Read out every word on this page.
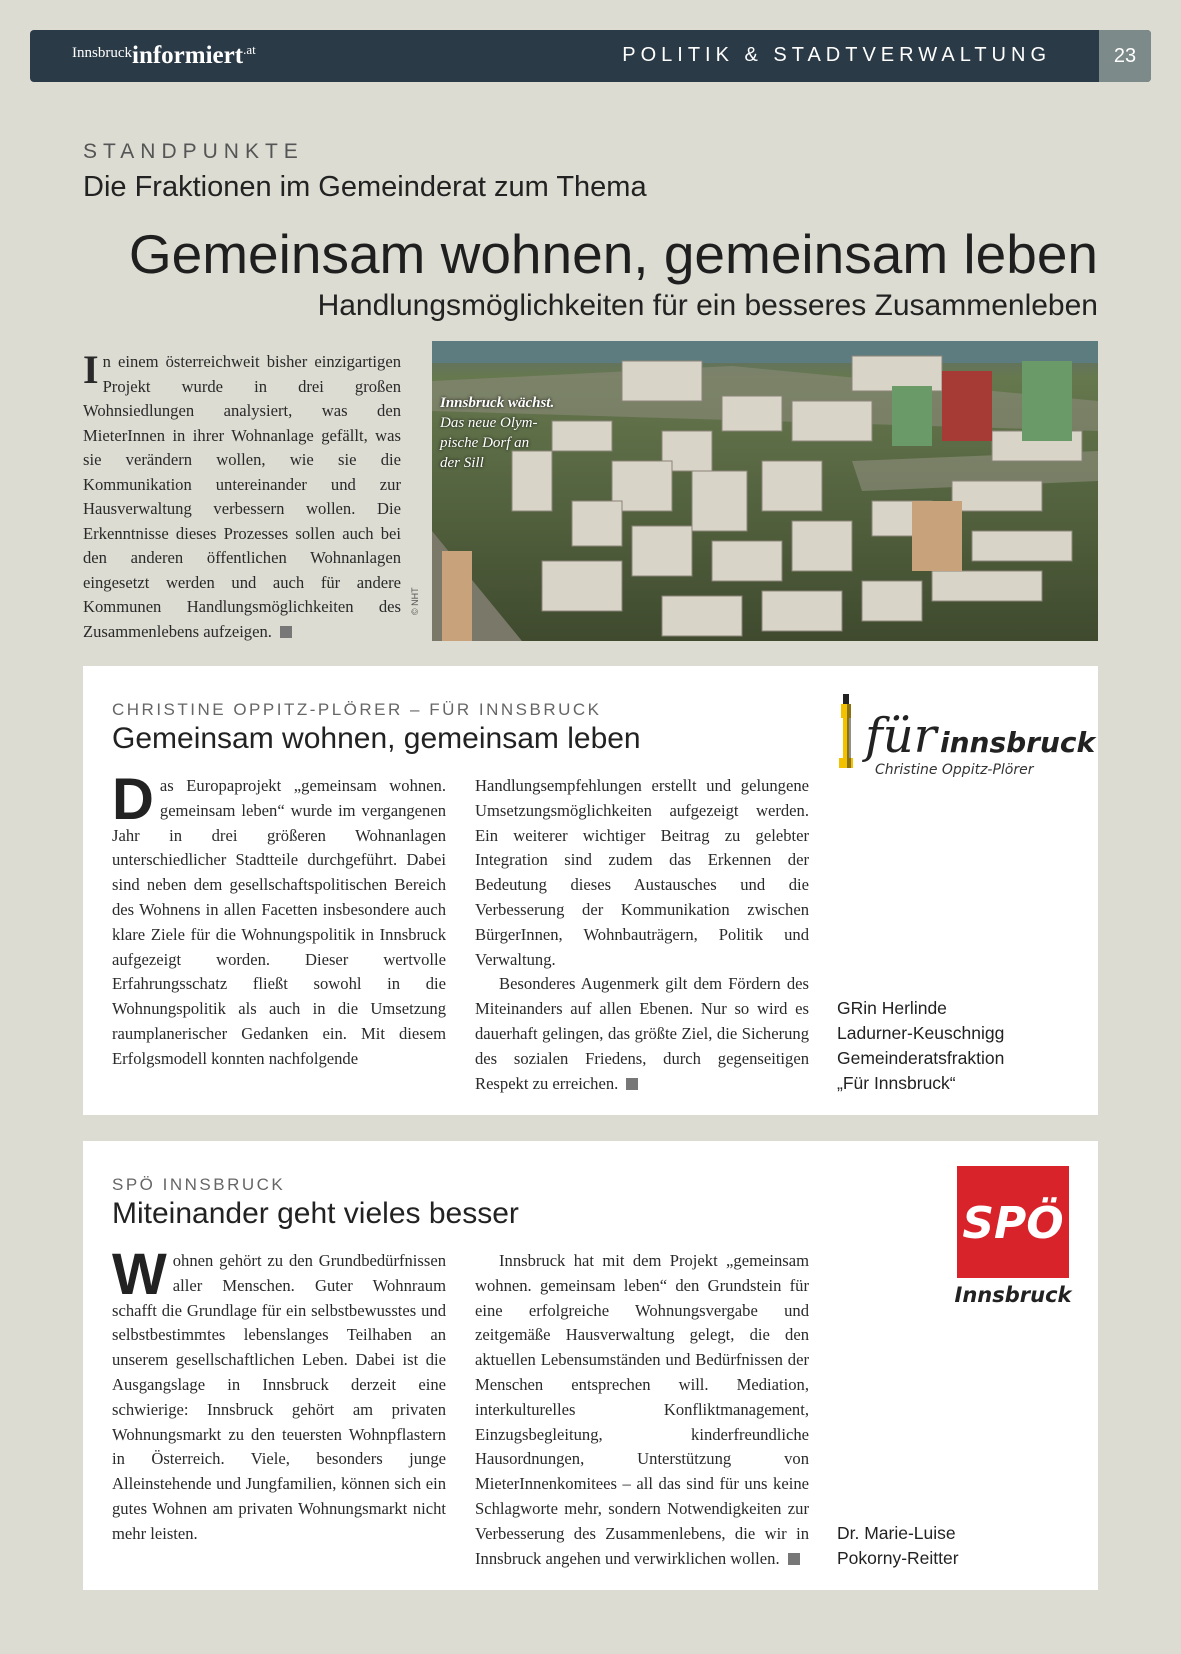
Innsbruckinformiert$^{.at}$	POLITIK & STADTVERWALTUNG	23
STANDPUNKTE
Die Fraktionen im Gemeinderat zum Thema
Gemeinsam wohnen, gemeinsam leben
Handlungsmöglichkeiten für ein besseres Zusammenleben
In einem österreichweit bisher einzigartigen Projekt wurde in drei großen Wohnsiedlungen analysiert, was den MieterInnen in ihrer Wohnanlage gefällt, was sie verändern wollen, wie sie die Kommunikation untereinander und zur Hausverwaltung verbessern wollen. Die Erkenntnisse dieses Prozesses sollen auch bei den anderen öffentlichen Wohnanlagen eingesetzt werden und auch für andere Kommunen Handlungsmöglichkeiten des Zusammenlebens aufzeigen.
Innsbruck wächst.
Das neue Olym-
pische Dorf an
der Sill
© NHT
CHRISTINE OPPITZ-PLÖRER – FÜR INNSBRUCK
Gemeinsam wohnen, gemeinsam leben

Das Europaprojekt „gemeinsam wohnen. gemeinsam leben“ wurde im vergangenen Jahr in drei größeren Wohnanlagen unterschiedlicher Stadtteile durchgeführt. Dabei sind neben dem gesellschaftspolitischen Bereich des Wohnens in allen Facetten insbesondere auch klare Ziele für die Wohnungspolitik in Innsbruck aufgezeigt worden. Dieser wertvolle Erfahrungsschatz fließt sowohl in die Wohnungspolitik als auch in die Umsetzung raumplanerischer Gedanken ein. Mit diesem Erfolgsmodell konnten nachfolgende

Handlungsempfehlungen erstellt und gelungene Umsetzungsmöglichkeiten aufgezeigt werden. Ein weiterer wichtiger Beitrag zu gelebter Integration sind zudem das Erkennen der Bedeutung dieses Austausches und die Verbesserung der Kommunikation zwischen BürgerInnen, Wohnbauträgern, Politik und Verwaltung.

Besonderes Augenmerk gilt dem Fördern des Miteinanders auf allen Ebenen. Nur so wird es dauerhaft gelingen, das größte Ziel, die Sicherung des sozialen Friedens, durch gegenseitigen Respekt zu erreichen.

für innsbruck
Christine Oppitz-Plörer
GRin Herlinde
Ladurner-Keuschnigg
Gemeinderatsfraktion
„Für Innsbruck“
SPÖ INNSBRUCK
Miteinander geht vieles besser

Wohnen gehört zu den Grundbedürfnissen aller Menschen. Guter Wohnraum schafft die Grundlage für ein selbstbewusstes und selbstbestimmtes lebenslanges Teilhaben an unserem gesellschaftlichen Leben. Dabei ist die Ausgangslage in Innsbruck derzeit eine schwierige: Innsbruck gehört am privaten Wohnungsmarkt zu den teuersten Wohnpflastern in Österreich. Viele, besonders junge Alleinstehende und Jungfamilien, können sich ein gutes Wohnen am privaten Wohnungsmarkt nicht mehr leisten.

Innsbruck hat mit dem Projekt „gemeinsam wohnen. gemeinsam leben“ den Grundstein für eine erfolgreiche Wohnungsvergabe und zeitgemäße Hausverwaltung gelegt, die den aktuellen Lebensumständen und Bedürfnissen der Menschen entsprechen will. Mediation, interkulturelles Konfliktmanagement, Einzugsbegleitung, kinderfreundliche Hausordnungen, Unterstützung von MieterInnenkomitees – all das sind für uns keine Schlagworte mehr, sondern Notwendigkeiten zur Verbesserung des Zusammenlebens, die wir in Innsbruck angehen und verwirklichen wollen.

SPÖ
Innsbruck
Dr. Marie-Luise
Pokorny-Reitter
